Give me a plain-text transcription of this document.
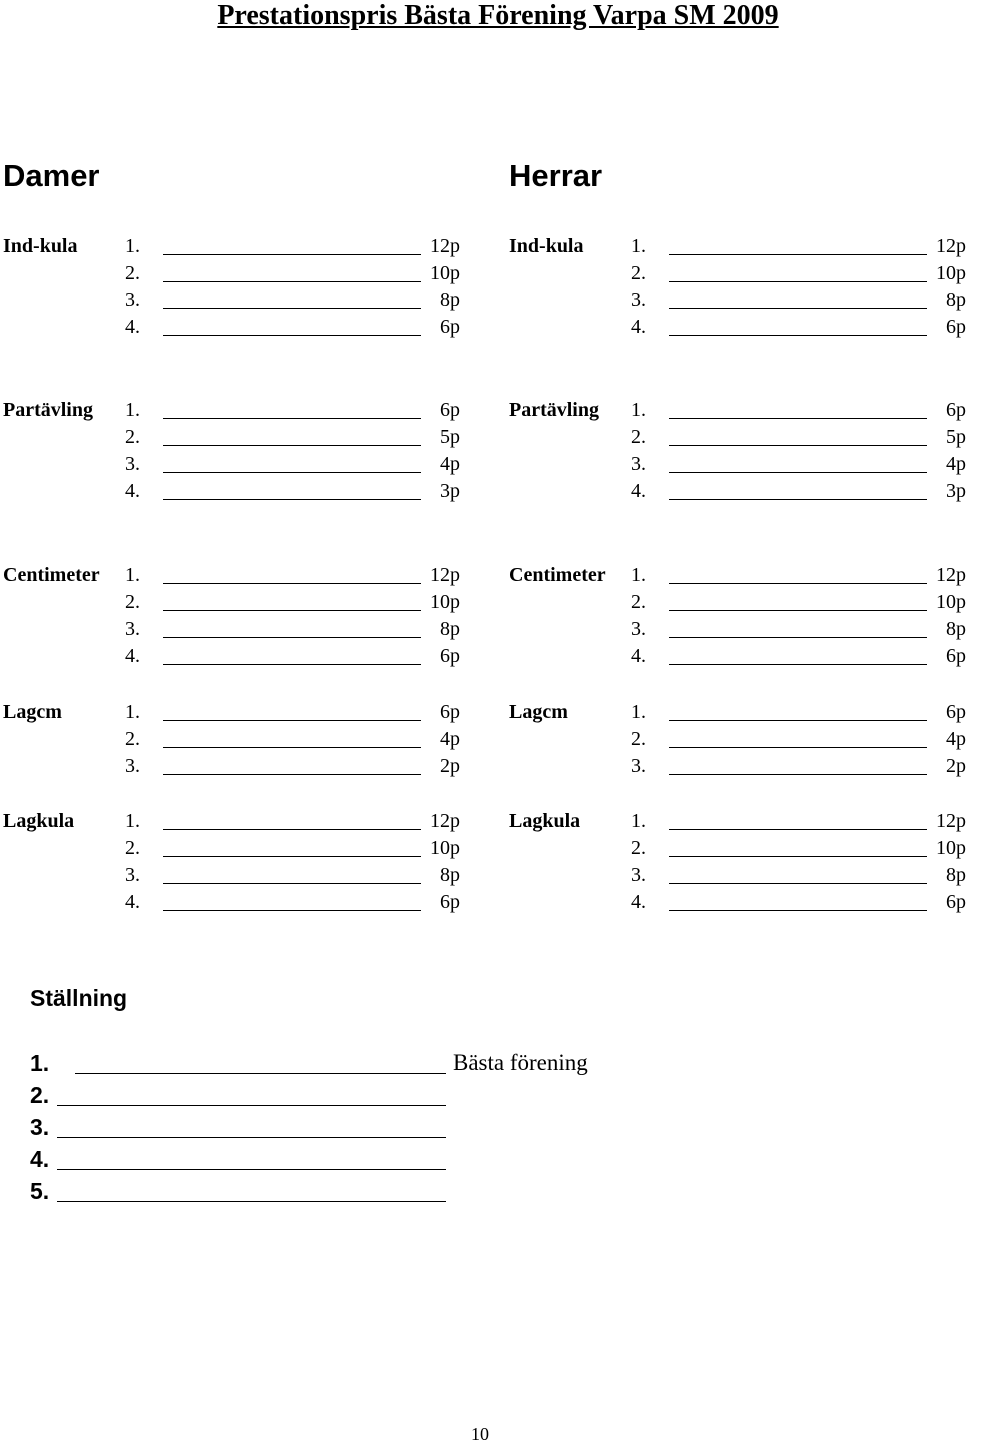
Prestationspris Bästa Förening Varpa SM 2009
Damer
Ind-kula 1.	12p
2.	10p
3.	8p
4.	6p
Partävling 1.	6p
2.	5p
3.	4p
4.	3p
Centimeter 1.	12p
2.	10p
3.	8p
4.	6p
Lagcm	1.	6p
2.	4p
3.	2p
Lagkula	1.	12p
2.	10p
3.	8p
4.	6p
Herrar
Ind-kula 1.	12p
2.	10p
3.	8p
4.	6p
Partävling 1.	6p
2.	5p
3.	4p
4.	3p
Centimeter 1.	12p
2.	10p
3.	8p
4.	6p
Lagcm	1.	6p
2.	4p
3.	2p
Lagkula	1.	12p
2.	10p
3.	8p
4.	6p
Ställning
1.	Bästa förening
2.
3.
4.
5.
10
